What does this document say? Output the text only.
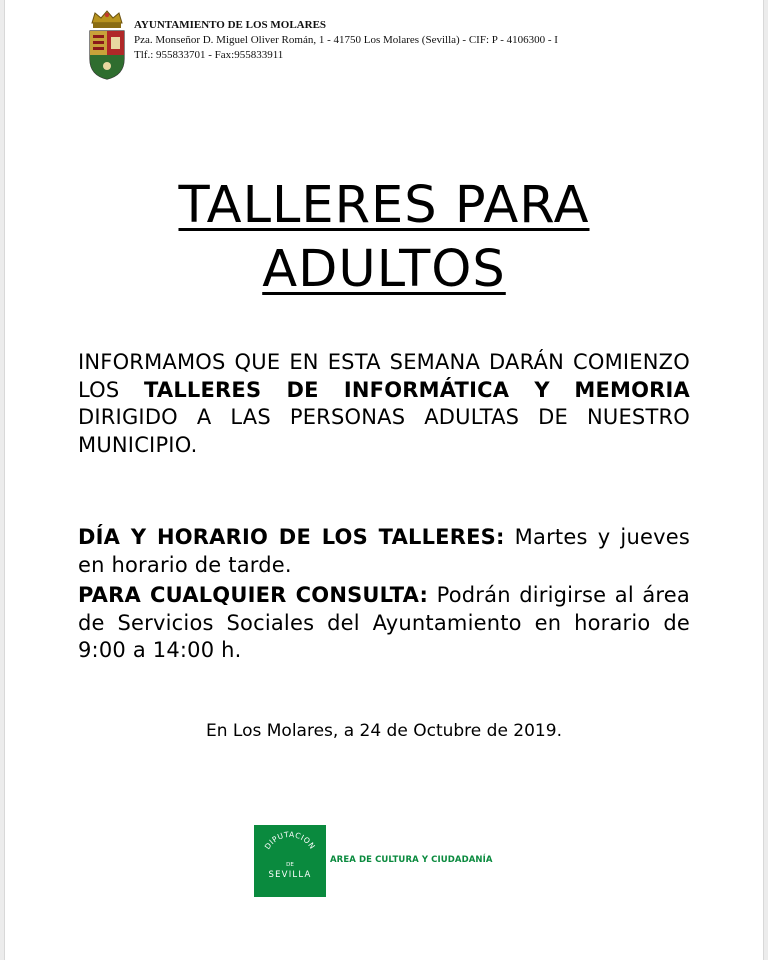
AYUNTAMIENTO DE LOS MOLARES
Pza. Monseñor D. Miguel Oliver Román, 1 - 41750 Los Molares (Sevilla) - CIF: P - 4106300 - I
Tlf.: 955833701 - Fax:955833911
TALLERES PARA
ADULTOS
INFORMAMOS QUE EN ESTA SEMANA DARÁN COMIENZO LOS TALLERES DE INFORMÁTICA Y MEMORIA DIRIGIDO A LAS PERSONAS ADULTAS DE NUESTRO MUNICIPIO.
DÍA Y HORARIO DE LOS TALLERES: Martes y jueves en horario de tarde.
PARA CUALQUIER CONSULTA: Podrán dirigirse al área de Servicios Sociales del Ayuntamiento en horario de 9:00 a 14:00 h.
En Los Molares, a 24 de Octubre de 2019.
DIPUTACION
DE
SEVILLA
AREA DE CULTURA Y CIUDADANÍA
